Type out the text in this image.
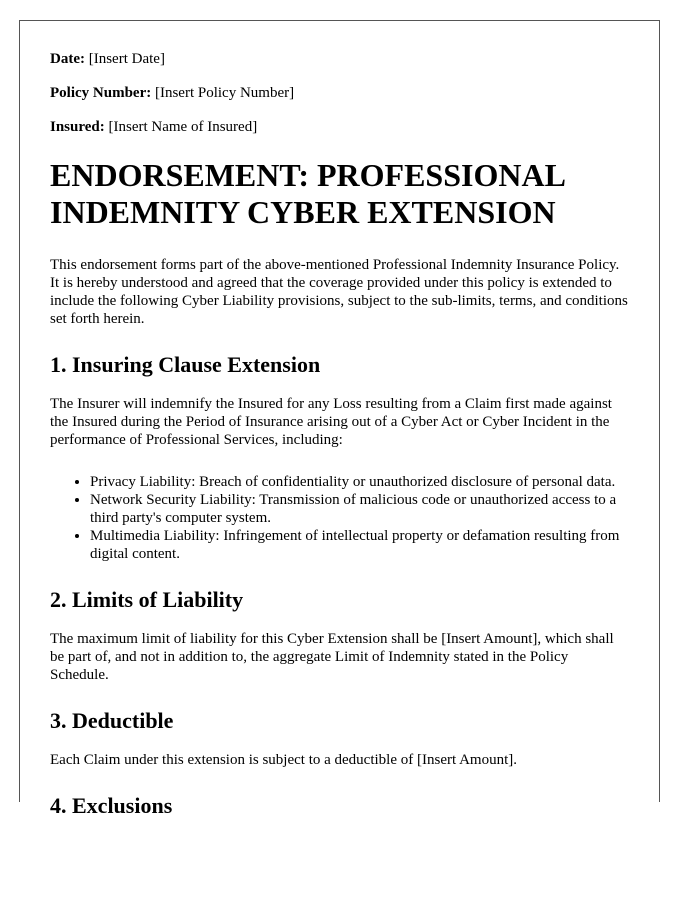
Date: [Insert Date]
Policy Number: [Insert Policy Number]
Insured: [Insert Name of Insured]
ENDORSEMENT: PROFESSIONAL INDEMNITY CYBER EXTENSION

This endorsement forms part of the above-mentioned Professional Indemnity Insurance Policy. It is hereby understood and agreed that the coverage provided under this policy is extended to include the following Cyber Liability provisions, subject to the sub-limits, terms, and conditions set forth herein.

1. Insuring Clause Extension

The Insurer will indemnify the Insured for any Loss resulting from a Claim first made against the Insured during the Period of Insurance arising out of a Cyber Act or Cyber Incident in the performance of Professional Services, including:

• Privacy Liability: Breach of confidentiality or unauthorized disclosure of personal data.
• Network Security Liability: Transmission of malicious code or unauthorized access to a third party's computer system.
• Multimedia Liability: Infringement of intellectual property or defamation resulting from digital content.
2. Limits of Liability

The maximum limit of liability for this Cyber Extension shall be [Insert Amount], which shall be part of, and not in addition to, the aggregate Limit of Indemnity stated in the Policy Schedule.

3. Deductible

Each Claim under this extension is subject to a deductible of [Insert Amount].

4. Exclusions
